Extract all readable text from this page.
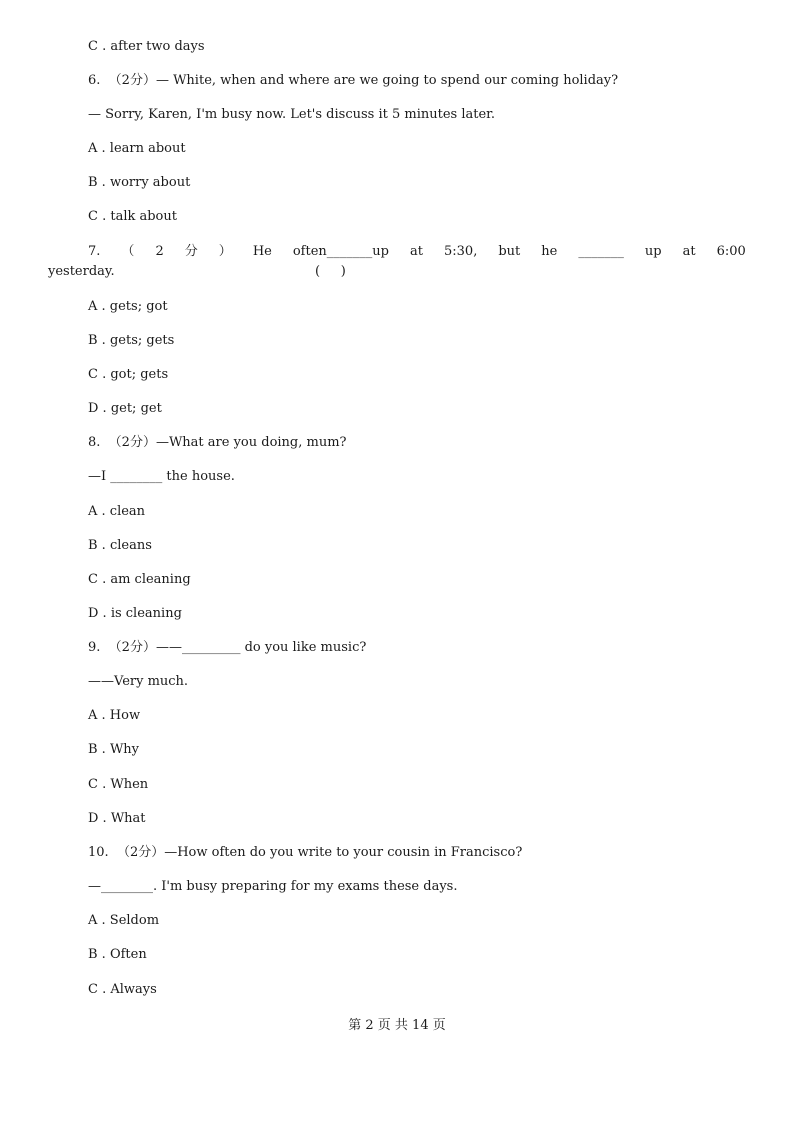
C . after two days
6.  （2分）— White, when and where are we going to spend our coming holiday?
— Sorry, Karen, I'm busy now. Let's discuss it 5 minutes later.
A . learn about
B . worry about
C . talk about
7. （ 2 分 ） He often_______up at 5:30, but he _______ up at 6:00
yesterday.	(     )
A . gets; got
B . gets; gets
C . got; gets
D . get; get
8.  （2分）—What are you doing, mum?
—I ________ the house.
A . clean
B . cleans
C . am cleaning
D . is cleaning
9.  （2分）——_________ do you like music?
——Very much.
A . How
B . Why
C . When
D . What
10.  （2分）—How often do you write to your cousin in Francisco?
—________. I'm busy preparing for my exams these days.
A . Seldom
B . Often
C . Always
第 2 页 共 14 页
